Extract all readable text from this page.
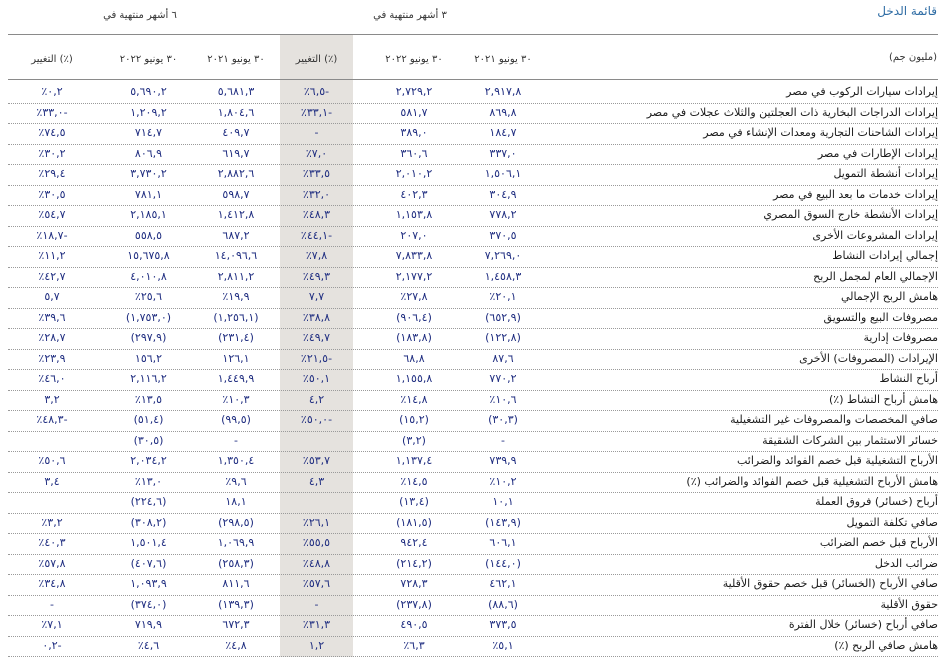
قائمة الدخل
٦ أشهر منتهية في	٣ أشهر منتهية في
٣٠ يونيو ٢٠٢١
٣٠ يونيو ٢٠٢٢
التغيير (٪)
٣٠ يونيو ٢٠٢١
٣٠ يونيو ٢٠٢٢
التغيير (٪)	(مليون جم)
إيرادات سيارات الركوب في مصر
٢,٩١٧,٨
٢,٧٢٩,٢
٪٦,٥-
٥,٦٨١,٣
٥,٦٩٠,٢
٪٠,٢
إيرادات الدراجات البخارية ذات العجلتين والثلاث عجلات في مصر
٨٦٩,٨
٥٨١,٧
٪٣٣,١-
١,٨٠٤,٦
١,٢٠٩,٢
٪٣٣,٠-
إيرادات الشاحنات التجارية ومعدات الإنشاء في مصر
١٨٤,٧
٣٨٩,٠
-
٤٠٩,٧
٧١٤,٧
٪٧٤,٥
إيرادات الإطارات في مصر
٣٣٧,٠
٣٦٠,٦
٪٧,٠
٦١٩,٧
٨٠٦,٩
٪٣٠,٢
إيرادات أنشطة التمويل
١,٥٠٦,١
٢,٠١٠,٢
٪٣٣,٥
٢,٨٨٢,٦
٣,٧٣٠,٢
٪٢٩,٤
إيرادات خدمات ما بعد البيع في مصر
٣٠٤,٩
٤٠٢,٣
٪٣٢,٠
٥٩٨,٧
٧٨١,١
٪٣٠,٥
إيرادات الأنشطة خارج السوق المصري
٧٧٨,٢
١,١٥٣,٨
٪٤٨,٣
١,٤١٢,٨
٢,١٨٥,١
٪٥٤,٧
إيرادات المشروعات الأخرى
٣٧٠,٥
٢٠٧,٠
٪٤٤,١-
٦٨٧,٢
٥٥٨,٥
٪١٨,٧-
إجمالي إيرادات النشاط
٧,٢٦٩,٠
٧,٨٣٣,٨
٪٧,٨
١٤,٠٩٦,٦
١٥,٦٧٥,٨
٪١١,٢
الإجمالي العام لمجمل الربح
١,٤٥٨,٣
٢,١٧٧,٢
٪٤٩,٣
٢,٨١١,٢
٤,٠١٠,٨
٪٤٢,٧
هامش الربح الإجمالي
٪٢٠,١
٪٢٧,٨
٧,٧
٪١٩,٩
٪٢٥,٦
٥,٧
مصروفات البيع والتسويق
(٦٥٢,٩)
(٩٠٦,٤)
٪٣٨,٨
(١,٢٥٦,١)
(١,٧٥٣,٠)
٪٣٩,٦
مصروفات إدارية
(١٢٢,٨)
(١٨٣,٨)
٪٤٩,٧
(٢٣١,٤)
(٢٩٧,٩)
٪٢٨,٧
الإيرادات (المصروفات) الأخرى
٨٧,٦
٦٨,٨
٪٢١,٥-
١٢٦,١
١٥٦,٢
٪٢٣,٩
أرباح النشاط
٧٧٠,٢
١,١٥٥,٨
٪٥٠,١
١,٤٤٩,٩
٢,١١٦,٢
٪٤٦,٠
هامش أرباح النشاط (٪)
٪١٠,٦
٪١٤,٨
٤,٢
٪١٠,٣
٪١٣,٥
٣,٢
صافي المخصصات والمصروفات غير التشغيلية
(٣٠,٣)
(١٥,٢)
٪٥٠,٠-
(٩٩,٥)
(٥١,٤)
٪٤٨,٣-
خسائر الاستثمار بين الشركات الشقيقة
-
(٣,٢)
-
(٣٠,٥)
الأرباح التشغيلية قبل خصم الفوائد والضرائب
٧٣٩,٩
١,١٣٧,٤
٪٥٣,٧
١,٣٥٠,٤
٢,٠٣٤,٢
٪٥٠,٦
هامش الأرباح التشغيلية قبل خصم الفوائد والضرائب (٪)
٪١٠,٢
٪١٤,٥
٤,٣
٪٩,٦
٪١٣,٠
٣,٤
أرباح (خسائر) فروق العملة
١٠,١
(١٣,٤)
١٨,١
(٢٢٤,٦)
صافي تكلفة التمويل
(١٤٣,٩)
(١٨١,٥)
٪٢٦,١
(٢٩٨,٥)
(٣٠٨,٢)
٪٣,٢
الأرباح قبل خصم الضرائب
٦٠٦,١
٩٤٢,٤
٪٥٥,٥
١,٠٦٩,٩
١,٥٠١,٤
٪٤٠,٣
ضرائب الدخل
(١٤٤,٠)
(٢١٤,٢)
٪٤٨,٨
(٢٥٨,٣)
(٤٠٧,٦)
٪٥٧,٨
صافي الأرباح (الخسائر) قبل خصم حقوق الأقلية
٤٦٢,١
٧٢٨,٣
٪٥٧,٦
٨١١,٦
١,٠٩٣,٩
٪٣٤,٨
حقوق الأقلية
(٨٨,٦)
(٢٣٧,٨)
-
(١٣٩,٣)
(٣٧٤,٠)
-
صافي أرباح (خسائر) خلال الفترة
٣٧٣,٥
٤٩٠,٥
٪٣١,٣
٦٧٢,٣
٧١٩,٩
٪٧,١
هامش صافي الربح (٪)
٪٥,١
٪٦,٣
١,٢
٪٤,٨
٪٤,٦
٠,٢-
